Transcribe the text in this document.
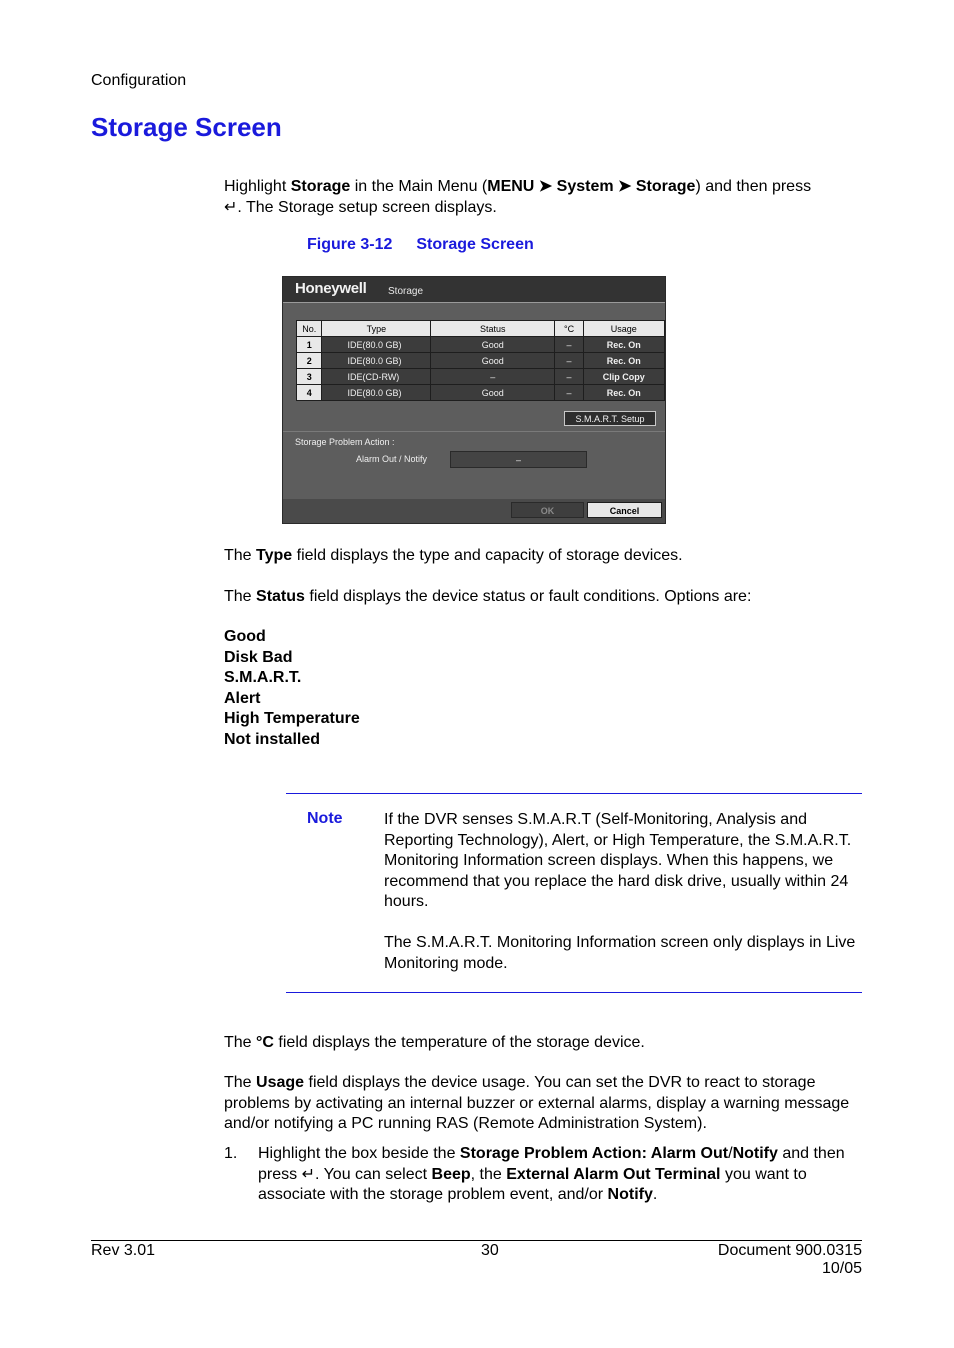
Configuration
Storage Screen
Highlight Storage in the Main Menu (MENU ➤ System ➤ Storage) and then press
↵. The Storage setup screen displays.
Figure 3-12 Storage Screen
Honeywell Storage
No.	Type	Status	°C	Usage
1	IDE(80.0 GB)	Good	–	Rec. On
2	IDE(80.0 GB)	Good	–	Rec. On
3	IDE(CD-RW)	–	–	Clip Copy
4	IDE(80.0 GB)	Good	–	Rec. On
S.M.A.R.T. Setup
Storage Problem Action :
Alarm Out / Notify	–
OK	Cancel
The Type field displays the type and capacity of storage devices.
The Status field displays the device status or fault conditions. Options are:
Good
Disk Bad
S.M.A.R.T.
Alert
High Temperature
Not installed
Note	If the DVR senses S.M.A.R.T (Self-Monitoring, Analysis and Reporting Technology), Alert, or High Temperature, the S.M.A.R.T. Monitoring Information screen displays. When this happens, we recommend that you replace the hard disk drive, usually within 24 hours.

The S.M.A.R.T. Monitoring Information screen only displays in Live Monitoring mode.

The °C field displays the temperature of the storage device.
The Usage field displays the device usage. You can set the DVR to react to storage problems by activating an internal buzzer or external alarms, display a warning message and/or notifying a PC running RAS (Remote Administration System).
1. Highlight the box beside the Storage Problem Action: Alarm Out/Notify and then press ↵. You can select Beep, the External Alarm Out Terminal you want to associate with the storage problem event, and/or Notify.
Rev 3.01	30	Document 900.0315
10/05
